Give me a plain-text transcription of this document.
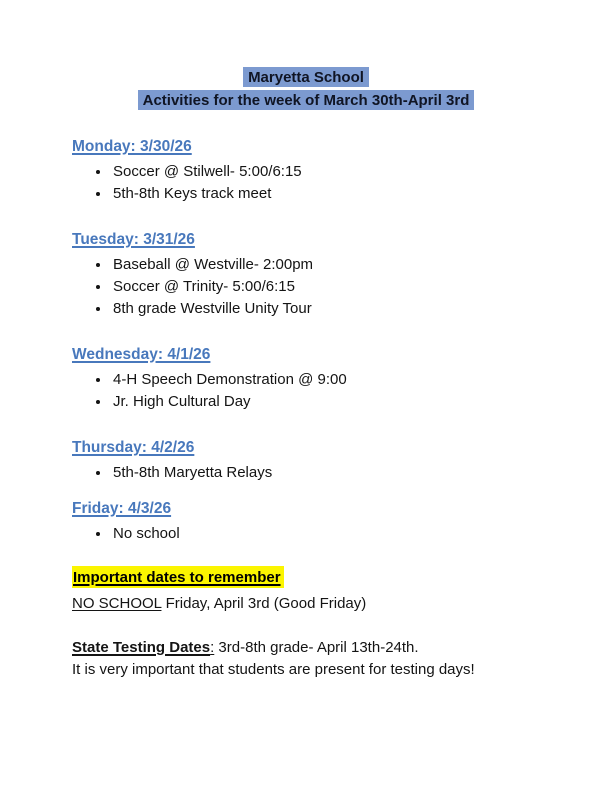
Maryetta School
Activities for the week of March 30th-April 3rd
Monday: 3/30/26
• Soccer @ Stilwell- 5:00/6:15
• 5th-8th Keys track meet
Tuesday: 3/31/26
• Baseball @ Westville- 2:00pm
• Soccer @ Trinity- 5:00/6:15
• 8th grade Westville Unity Tour
Wednesday: 4/1/26
• 4-H Speech Demonstration @ 9:00
• Jr. High Cultural Day
Thursday: 4/2/26
• 5th-8th Maryetta Relays
Friday: 4/3/26
• No school
Important dates to remember
NO SCHOOL Friday, April 3rd (Good Friday)
State Testing Dates: 3rd-8th grade- April 13th-24th.
It is very important that students are present for testing days!
